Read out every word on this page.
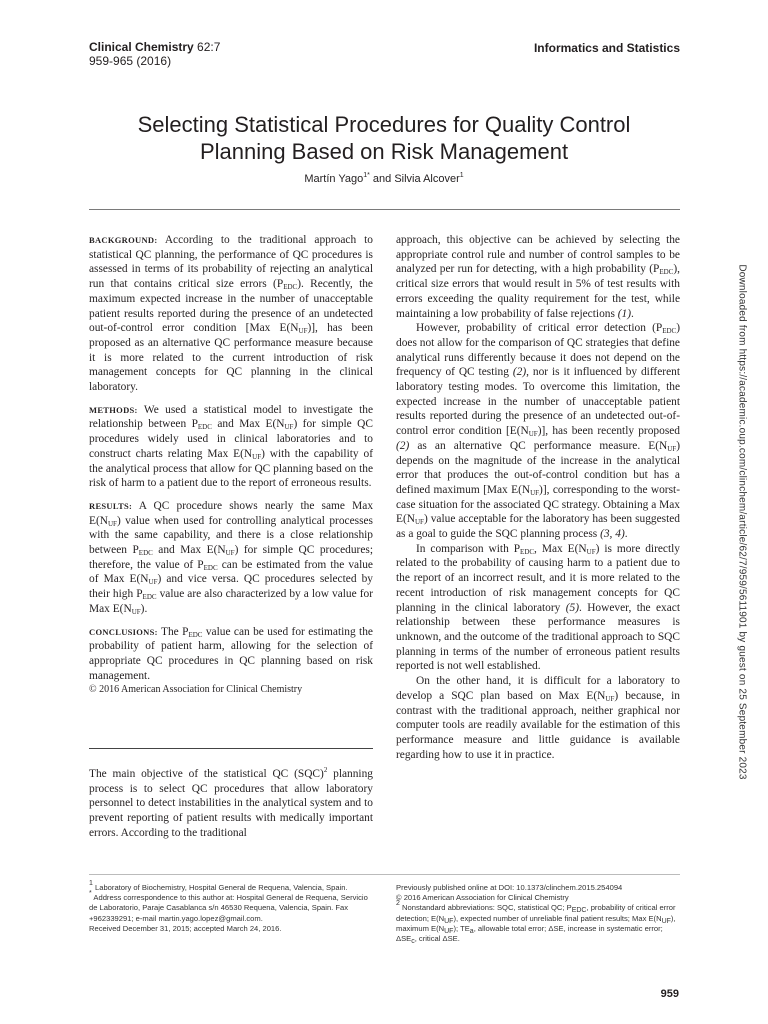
Clinical Chemistry 62:7
959-965 (2016)
Informatics and Statistics
Selecting Statistical Procedures for Quality Control
Planning Based on Risk Management
Martín Yago$^{1*}$ and Silvia Alcover$^1$

BACKGROUND: According to the traditional approach to statistical QC planning, the performance of QC procedures is assessed in terms of its probability of rejecting an analytical run that contains critical size errors $(P_{EDC})$. Recently, the maximum expected increase in the number of unacceptable patient results reported during the presence of an undetected out-of-control error condition [Max $E(N_{UF})$], has been proposed as an alternative QC performance measure because it is more related to the current introduction of risk management concepts for QC planning in the clinical laboratory.

METHODS: We used a statistical model to investigate the relationship between $P_{EDC}$ and Max $E(N_{UF})$ for simple QC procedures widely used in clinical laboratories and to construct charts relating Max $E(N_{UF})$ with the capability of the analytical process that allow for QC planning based on the risk of harm to a patient due to the report of erroneous results.

RESULTS: A QC procedure shows nearly the same Max $E(N_{UF})$ value when used for controlling analytical processes with the same capability, and there is a close relationship between $P_{EDC}$ and Max $E(N_{UF})$ for simple QC procedures; therefore, the value of $P_{EDC}$ can be estimated from the value of Max $E(N_{UF})$ and vice versa. QC procedures selected by their high $P_{EDC}$ value are also characterized by a low value for Max $E(N_{UF})$.

CONCLUSIONS: The $P_{EDC}$ value can be used for estimating the probability of patient harm, allowing for the selection of appropriate QC procedures in QC planning based on risk management.

© 2016 American Association for Clinical Chemistry

The main objective of the statistical QC (SQC)$^2$ planning process is to select QC procedures that allow laboratory personnel to detect instabilities in the analytical system and to prevent reporting of patient results with medically important errors. According to the traditional

approach, this objective can be achieved by selecting the appropriate control rule and number of control samples to be analyzed per run for detecting, with a high probability $(P_{EDC})$, critical size errors that would result in 5% of test results with errors exceeding the quality requirement for the test, while maintaining a low probability of false rejections (1).

However, probability of critical error detection $(P_{EDC})$ does not allow for the comparison of QC strategies that define analytical runs differently because it does not depend on the frequency of QC testing (2), nor is it influenced by different laboratory testing modes. To overcome this limitation, the expected increase in the number of unacceptable patient results reported during the presence of an undetected out-of-control error condition $[E(N_{UF})]$, has been recently proposed (2) as an alternative QC performance measure. $E(N_{UF})$ depends on the magnitude of the increase in the analytical error that produces the out-of-control condition but has a defined maximum [Max $E(N_{UF})$], corresponding to the worst-case situation for the associated QC strategy. Obtaining a Max $E(N_{UF})$ value acceptable for the laboratory has been suggested as a goal to guide the SQC planning process (3, 4).

In comparison with $P_{EDC}$, Max $E(N_{UF})$ is more directly related to the probability of causing harm to a patient due to the report of an incorrect result, and it is more related to the recent introduction of risk management concepts for QC planning in the clinical laboratory (5). However, the exact relationship between these performance measures is unknown, and the outcome of the traditional approach to SQC planning in terms of the number of erroneous patient results reported is not well established.

On the other hand, it is difficult for a laboratory to develop a SQC plan based on Max $E(N_{UF})$ because, in contrast with the traditional approach, neither graphical nor computer tools are readily available for the estimation of this performance measure and little guidance is available regarding how to use it in practice.	Downloaded from https://academic.oup.com/clinchem/article/62/7/959/5611901 by guest on 25 September 2023
$^1$ Laboratory of Biochemistry, Hospital General de Requena, Valencia, Spain.
* Address correspondence to this author at: Hospital General de Requena, Servicio de Laboratorio, Paraje Casablanca s/n 46530 Requena, Valencia, Spain. Fax +962339291; e-mail martin.yago.lopez@gmail.com.
Received December 31, 2015; accepted March 24, 2016.
Previously published online at DOI: 10.1373/clinchem.2015.254094
© 2016 American Association for Clinical Chemistry
$^2$ Nonstandard abbreviations: SQC, statistical QC; $P_{EDC}$, probability of critical error detection; $E(N_{UF})$, expected number of unreliable final patient results; Max $E(N_{UF})$, maximum $E(N_{UF})$; $TE_a$, allowable total error; ΔSE, increase in systematic error; $\Delta SE_c$, critical ΔSE.
959
